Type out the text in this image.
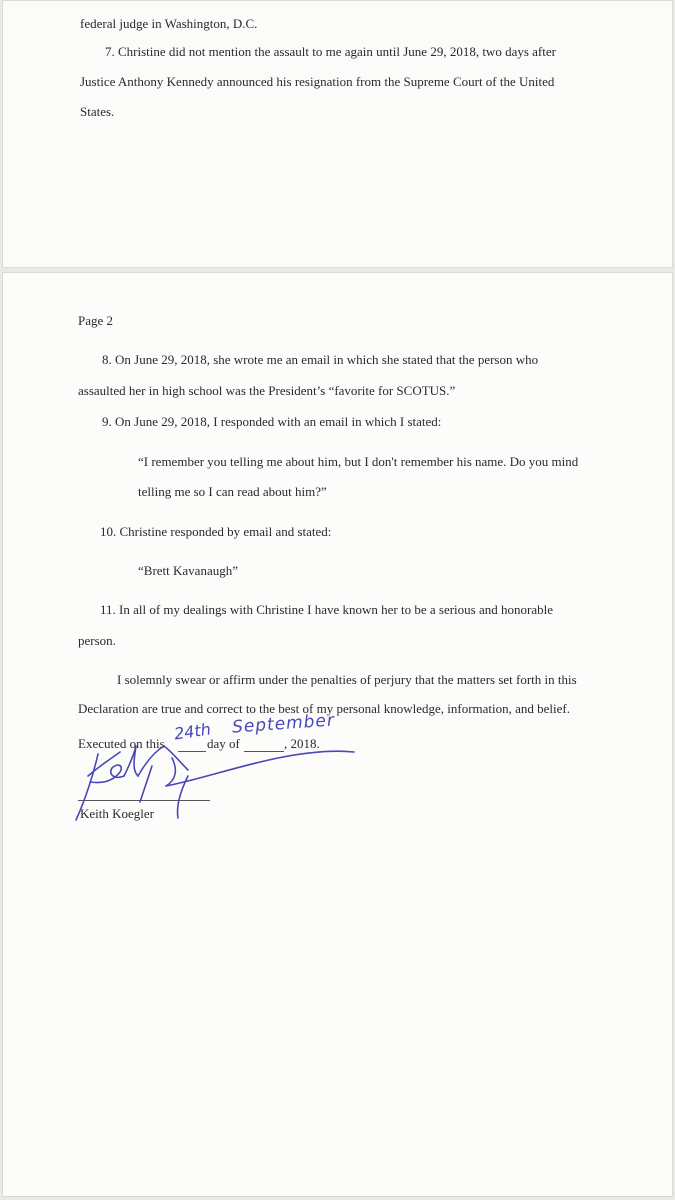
federal judge in Washington, D.C.
7. Christine did not mention the assault to me again until June 29, 2018, two days after
Justice Anthony Kennedy announced his resignation from the Supreme Court of the United
States.
Page 2
8. On June 29, 2018, she wrote me an email in which she stated that the person who
assaulted her in high school was the President’s “favorite for SCOTUS.”
9. On June 29, 2018, I responded with an email in which I stated:
“I remember you telling me about him, but I don't remember his name. Do you mind
telling me so I can read about him?”
10. Christine responded by email and stated:
“Brett Kavanaugh”
11. In all of my dealings with Christine I have known her to be a serious and honorable
person.
I solemnly swear or affirm under the penalties of perjury that the matters set forth in this
Declaration are true and correct to the best of my personal knowledge, information, and belief.
Executed on this	day of	, 2018.
24th September
Keith Koegler
